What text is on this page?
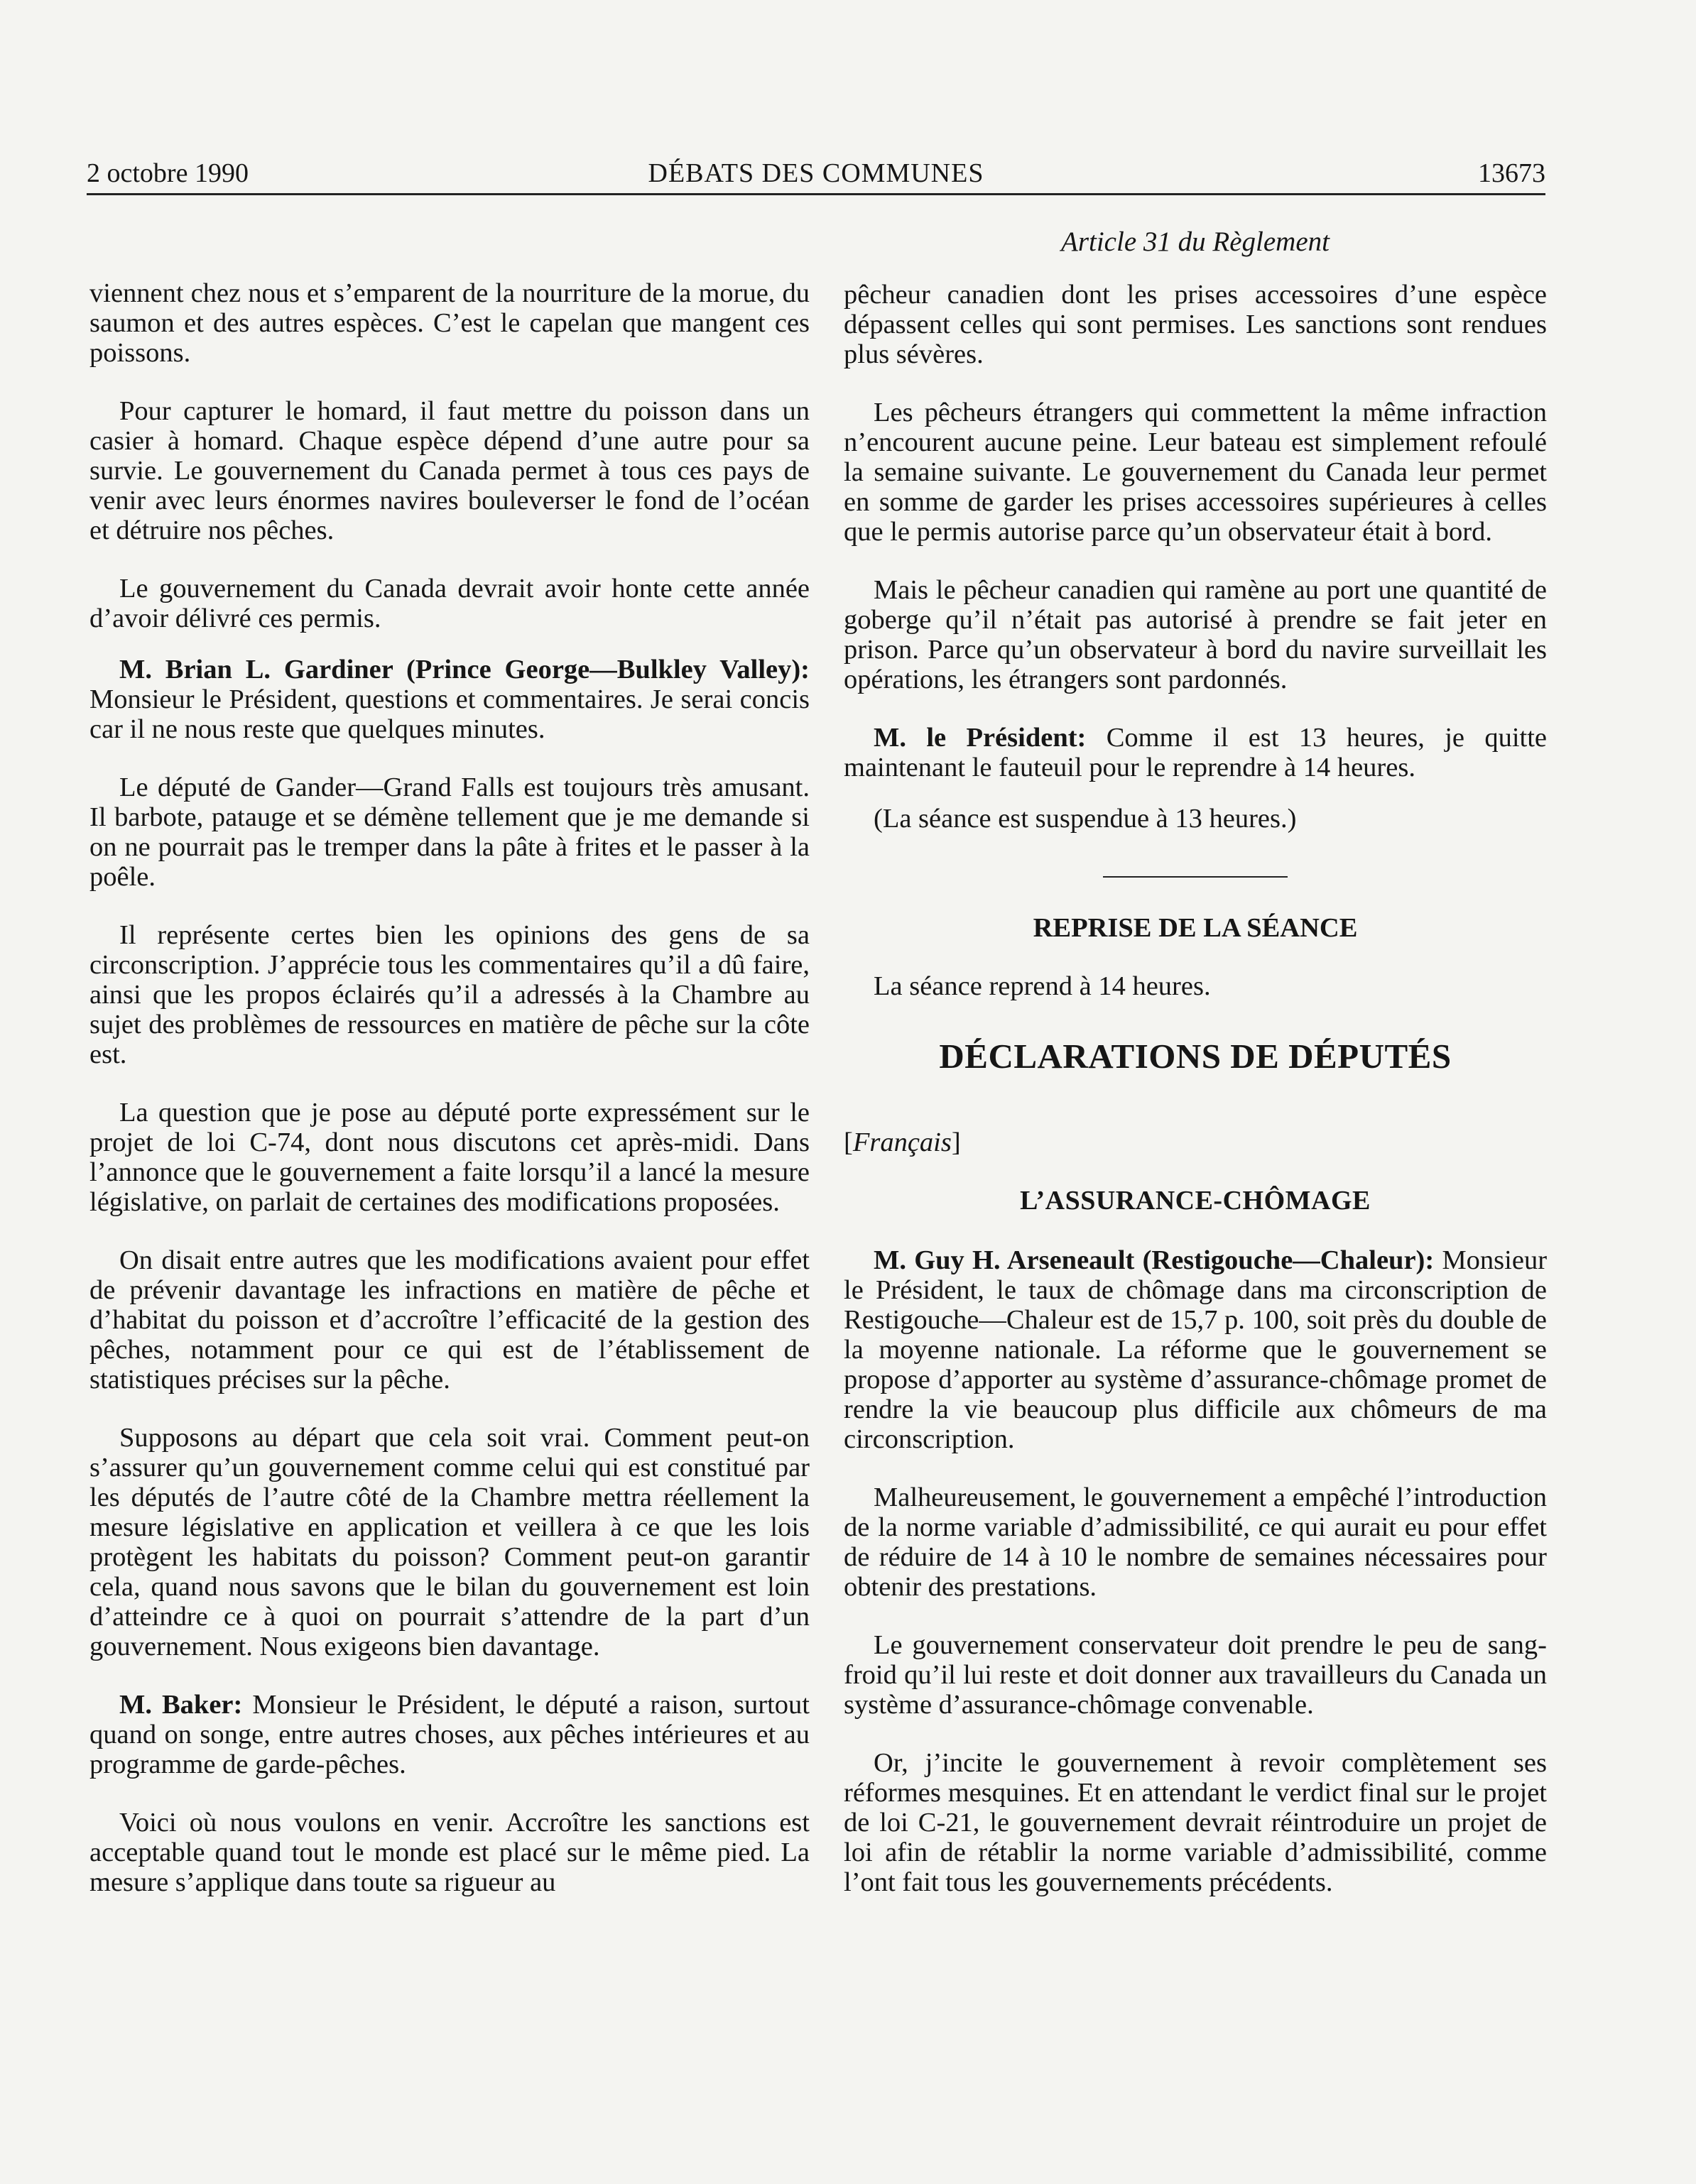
2 octobre 1990	DÉBATS DES COMMUNES	13673
Article 31 du Règlement

viennent chez nous et s’emparent de la nourriture de la morue, du saumon et des autres espèces. C’est le capelan que mangent ces poissons.

Pour capturer le homard, il faut mettre du poisson dans un casier à homard. Chaque espèce dépend d’une autre pour sa survie. Le gouvernement du Canada permet à tous ces pays de venir avec leurs énormes navires bouleverser le fond de l’océan et détruire nos pêches.

Le gouvernement du Canada devrait avoir honte cette année d’avoir délivré ces permis.

M. Brian L. Gardiner (Prince George—Bulkley Valley): Monsieur le Président, questions et commentaires. Je serai concis car il ne nous reste que quelques minutes.

Le député de Gander—Grand Falls est toujours très amusant. Il barbote, patauge et se démène tellement que je me demande si on ne pourrait pas le tremper dans la pâte à frites et le passer à la poêle.

Il représente certes bien les opinions des gens de sa circonscription. J’apprécie tous les commentaires qu’il a dû faire, ainsi que les propos éclairés qu’il a adressés à la Chambre au sujet des problèmes de ressources en matière de pêche sur la côte est.

La question que je pose au député porte expressément sur le projet de loi C-74, dont nous discutons cet après-midi. Dans l’annonce que le gouvernement a faite lorsqu’il a lancé la mesure législative, on parlait de certaines des modifications proposées.

On disait entre autres que les modifications avaient pour effet de prévenir davantage les infractions en matière de pêche et d’habitat du poisson et d’accroître l’efficacité de la gestion des pêches, notamment pour ce qui est de l’établissement de statistiques précises sur la pêche.

Supposons au départ que cela soit vrai. Comment peut-on s’assurer qu’un gouvernement comme celui qui est constitué par les députés de l’autre côté de la Chambre mettra réellement la mesure législative en application et veillera à ce que les lois protègent les habitats du poisson? Comment peut-on garantir cela, quand nous savons que le bilan du gouvernement est loin d’atteindre ce à quoi on pourrait s’attendre de la part d’un gouvernement. Nous exigeons bien davantage.

M. Baker: Monsieur le Président, le député a raison, surtout quand on songe, entre autres choses, aux pêches intérieures et au programme de garde-pêches.

Voici où nous voulons en venir. Accroître les sanctions est acceptable quand tout le monde est placé sur le même pied. La mesure s’applique dans toute sa rigueur au

pêcheur canadien dont les prises accessoires d’une espèce dépassent celles qui sont permises. Les sanctions sont rendues plus sévères.

Les pêcheurs étrangers qui commettent la même infraction n’encourent aucune peine. Leur bateau est simplement refoulé la semaine suivante. Le gouvernement du Canada leur permet en somme de garder les prises accessoires supérieures à celles que le permis autorise parce qu’un observateur était à bord.

Mais le pêcheur canadien qui ramène au port une quantité de goberge qu’il n’était pas autorisé à prendre se fait jeter en prison. Parce qu’un observateur à bord du navire surveillait les opérations, les étrangers sont pardonnés.

M. le Président: Comme il est 13 heures, je quitte maintenant le fauteuil pour le reprendre à 14 heures.

(La séance est suspendue à 13 heures.)

REPRISE DE LA SÉANCE

La séance reprend à 14 heures.

DÉCLARATIONS DE DÉPUTÉS

[Français]

L’ASSURANCE-CHÔMAGE

M. Guy H. Arseneault (Restigouche—Chaleur): Monsieur le Président, le taux de chômage dans ma circonscription de Restigouche—Chaleur est de 15,7 p. 100, soit près du double de la moyenne nationale. La réforme que le gouvernement se propose d’apporter au système d’assurance-chômage promet de rendre la vie beaucoup plus difficile aux chômeurs de ma circonscription.

Malheureusement, le gouvernement a empêché l’introduction de la norme variable d’admissibilité, ce qui aurait eu pour effet de réduire de 14 à 10 le nombre de semaines nécessaires pour obtenir des prestations.

Le gouvernement conservateur doit prendre le peu de sang-froid qu’il lui reste et doit donner aux travailleurs du Canada un système d’assurance-chômage convenable.

Or, j’incite le gouvernement à revoir complètement ses réformes mesquines. Et en attendant le verdict final sur le projet de loi C-21, le gouvernement devrait réintroduire un projet de loi afin de rétablir la norme variable d’admissibilité, comme l’ont fait tous les gouvernements précédents.
